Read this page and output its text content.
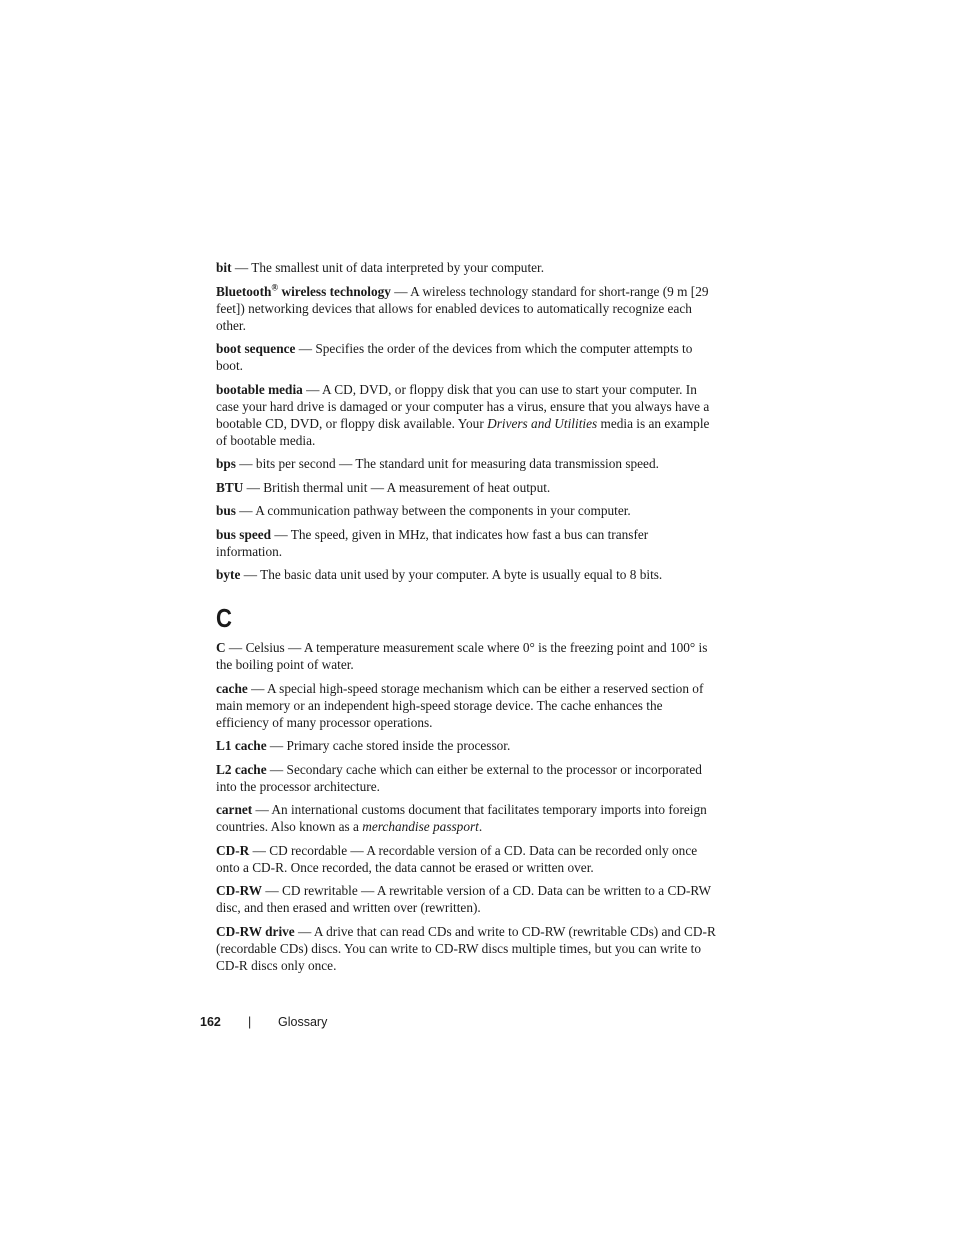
bit — The smallest unit of data interpreted by your computer.

Bluetooth® wireless technology — A wireless technology standard for short-range (9 m [29 feet]) networking devices that allows for enabled devices to automatically recognize each other.

boot sequence — Specifies the order of the devices from which the computer attempts to boot.

bootable media — A CD, DVD, or floppy disk that you can use to start your computer. In case your hard drive is damaged or your computer has a virus, ensure that you always have a bootable CD, DVD, or floppy disk available. Your Drivers and Utilities media is an example of bootable media.

bps — bits per second — The standard unit for measuring data transmission speed.

BTU — British thermal unit — A measurement of heat output.

bus — A communication pathway between the components in your computer.

bus speed — The speed, given in MHz, that indicates how fast a bus can transfer information.

byte — The basic data unit used by your computer. A byte is usually equal to 8 bits.

C

C — Celsius — A temperature measurement scale where 0° is the freezing point and 100° is the boiling point of water.

cache — A special high-speed storage mechanism which can be either a reserved section of main memory or an independent high-speed storage device. The cache enhances the efficiency of many processor operations.

L1 cache — Primary cache stored inside the processor.

L2 cache — Secondary cache which can either be external to the processor or incorporated into the processor architecture.

carnet — An international customs document that facilitates temporary imports into foreign countries. Also known as a merchandise passport.

CD-R — CD recordable — A recordable version of a CD. Data can be recorded only once onto a CD-R. Once recorded, the data cannot be erased or written over.

CD-RW — CD rewritable — A rewritable version of a CD. Data can be written to a CD-RW disc, and then erased and written over (rewritten).

CD-RW drive — A drive that can read CDs and write to CD-RW (rewritable CDs) and CD-R (recordable CDs) discs. You can write to CD-RW discs multiple times, but you can write to CD-R discs only once.

162 | Glossary
